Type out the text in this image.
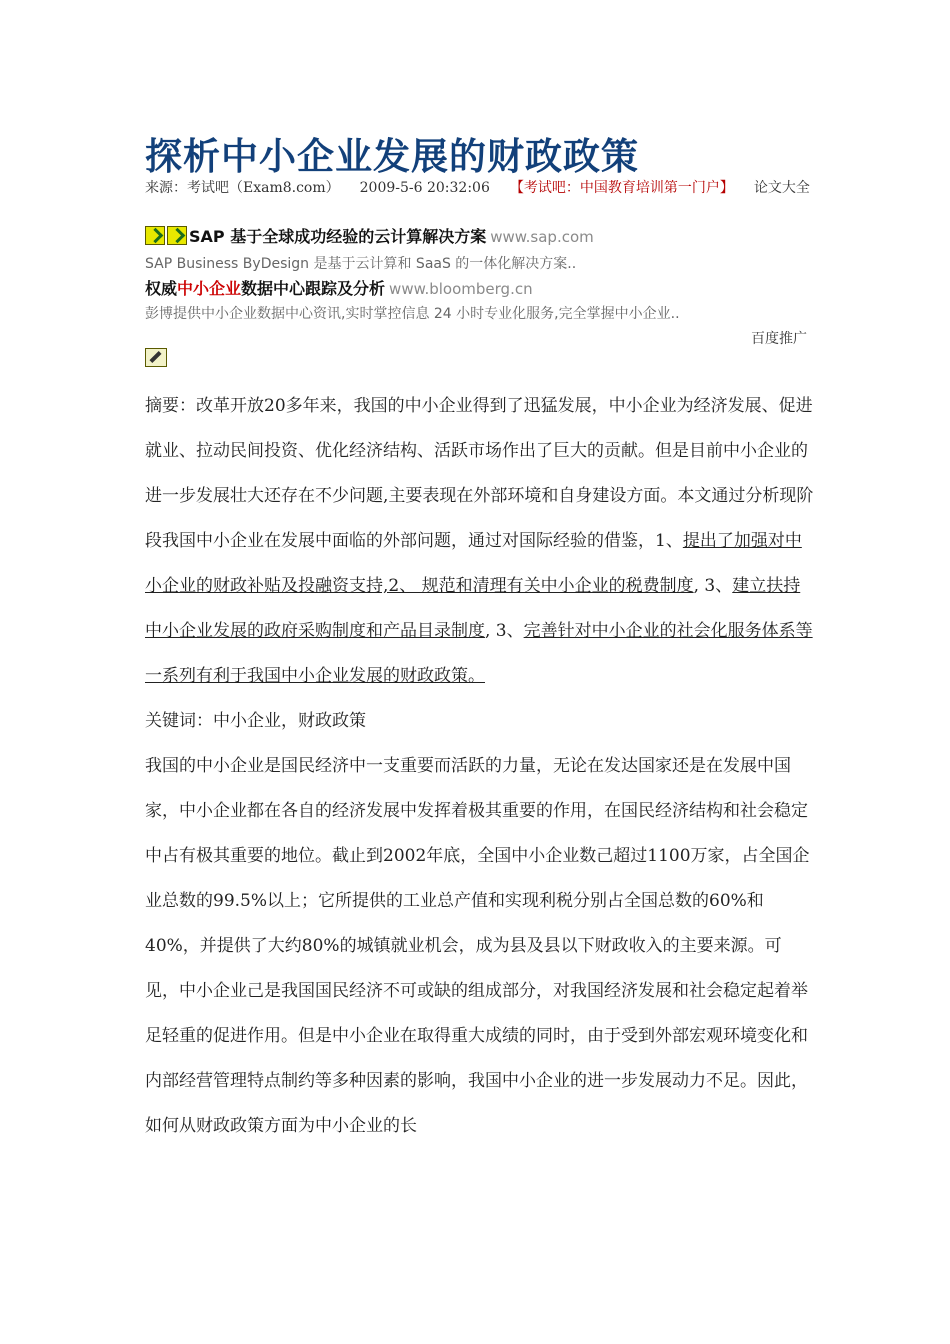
探析中小企业发展的财政政策
来源：考试吧（Exam8.com） 2009-5-6 20:32:06 【考试吧：中国教育培训第一门户】 论文大全
SAP 基于全球成功经验的云计算解决方案 www.sap.com
SAP Business ByDesign 是基于云计算和 SaaS 的一体化解决方案..
权威中小企业数据中心跟踪及分析 www.bloomberg.cn
彭博提供中小企业数据中心资讯,实时掌控信息 24 小时专业化服务,完全掌握中小企业..
百度推广

摘要：改革开放20多年来，我国的中小企业得到了迅猛发展，中小企业为经济发展、促进就业、拉动民间投资、优化经济结构、活跃市场作出了巨大的贡献。但是目前中小企业的进一步发展壮大还存在不少问题,主要表现在外部环境和自身建设方面。本文通过分析现阶段我国中小企业在发展中面临的外部问题，通过对国际经验的借鉴，1、提出了加强对中小企业的财政补贴及投融资支持,2、 规范和清理有关中小企业的税费制度, 3、建立扶持中小企业发展的政府采购制度和产品目录制度, 3、完善针对中小企业的社会化服务体系等一系列有利于我国中小企业发展的财政政策。

关键词：中小企业，财政政策

我国的中小企业是国民经济中一支重要而活跃的力量，无论在发达国家还是在发展中国家，中小企业都在各自的经济发展中发挥着极其重要的作用，在国民经济结构和社会稳定中占有极其重要的地位。截止到2002年底，全国中小企业数己超过1100万家，占全国企业总数的99.5%以上；它所提供的工业总产值和实现利税分别占全国总数的60%和40%，并提供了大约80%的城镇就业机会，成为县及县以下财政收入的主要来源。可见，中小企业己是我国国民经济不可或缺的组成部分，对我国经济发展和社会稳定起着举足轻重的促进作用。但是中小企业在取得重大成绩的同时，由于受到外部宏观环境变化和内部经营管理特点制约等多种因素的影响，我国中小企业的进一步发展动力不足。因此，如何从财政政策方面为中小企业的长
